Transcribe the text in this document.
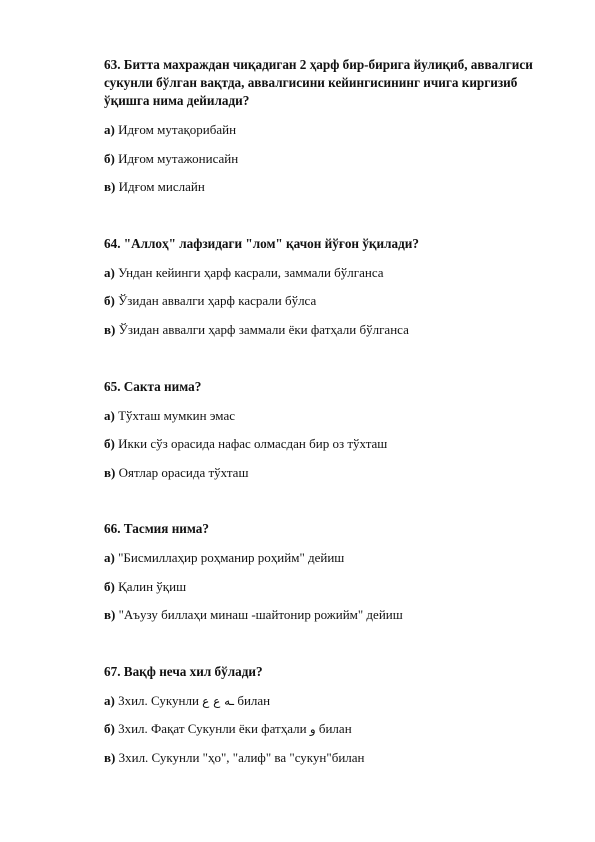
63. Битта махраждан чиқадиган 2 ҳарф бир-бирига йулиқиб, аввалгиси сукунли бўлган вақтда, аввалгисини кейингисининг ичига киргизиб ўқишга нима дейилади?
а) Идғом мутақорибайн
б) Идғом мутажонисайн
в) Идғом мислайн
64. "Аллоҳ" лафзидаги "лом" қачон йўғон ўқилади?
а) Ундан кейинги ҳарф касрали, заммали бўлганса
б) Ўзидан аввалги ҳарф касрали бўлса
в) Ўзидан аввалги ҳарф заммали ёки фатҳали бўлганса
65. Сакта нима?
а) Тўхташ мумкин эмас
б) Икки сўз орасида нафас олмасдан бир оз тўхташ
в) Оятлар орасида тўхташ
66. Тасмия нима?
а) "Бисмиллаҳир роҳманир роҳийм" дейиш
б) Қалин ўқиш
в) "Аъузу биллаҳи минаш -шайтонир рожийм" дейиш
67. Вақф неча хил бўлади?
а) 3хил. Сукунли ـه ع ع билан
б) 3хил. Фақат Сукунли ёки фатҳали و билан
в) 3хил. Сукунли "ҳо", "алиф" ва "сукун"билан
